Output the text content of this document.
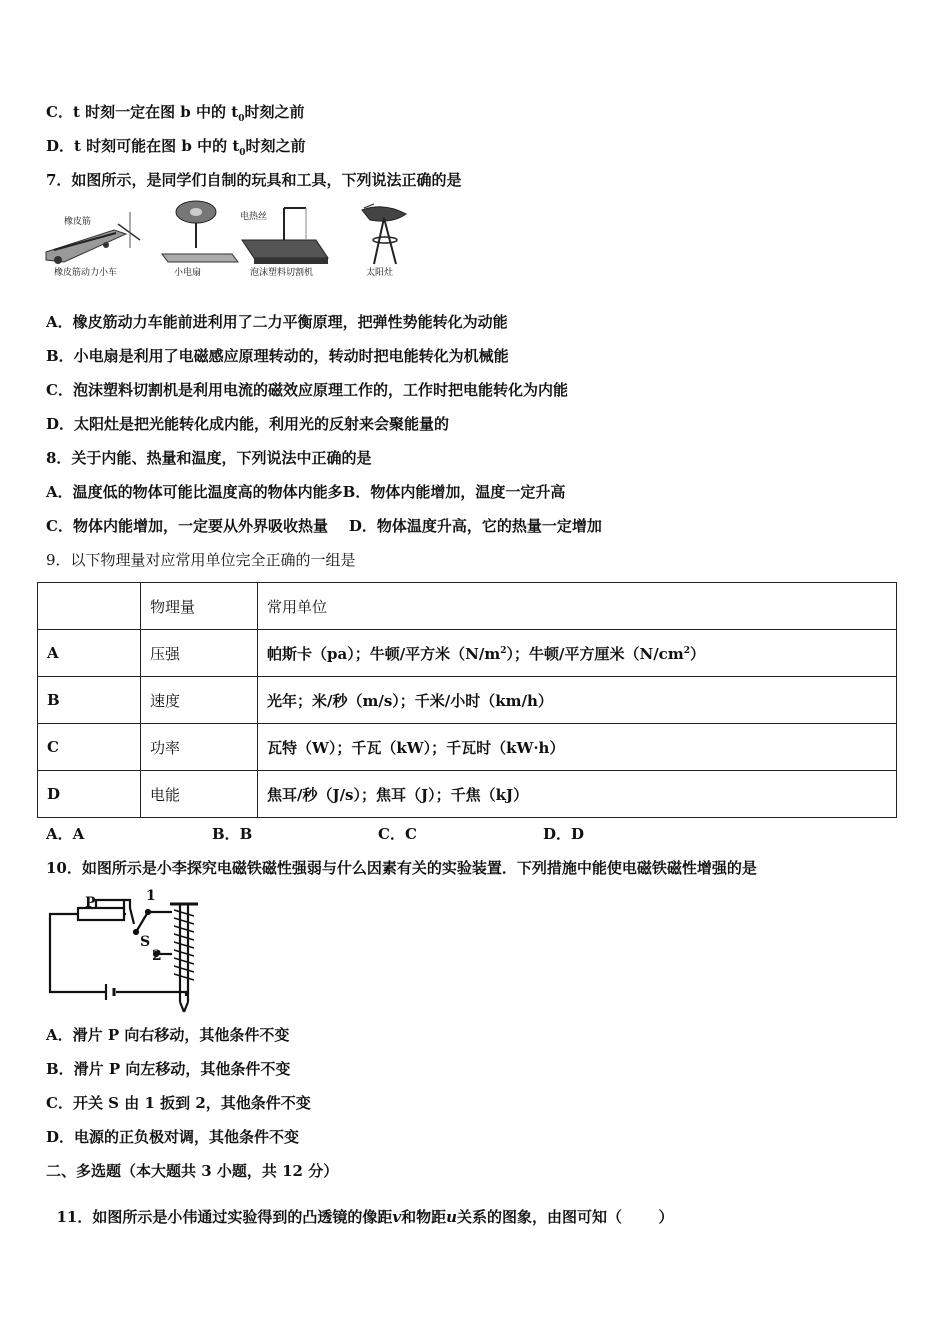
C．t 时刻一定在图 b 中的 $t_0$时刻之前
D．t 时刻可能在图 b 中的 $t_0$时刻之前
7．如图所示，是同学们自制的玩具和工具，下列说法正确的是
橡皮筋	电热丝
橡皮筋动力小车	小电扇	泡沫塑料切割机	太阳灶
A．橡皮筋动力车能前进利用了二力平衡原理，把弹性势能转化为动能
B．小电扇是利用了电磁感应原理转动的，转动时把电能转化为机械能
C．泡沫塑料切割机是利用电流的磁效应原理工作的，工作时把电能转化为内能
D．太阳灶是把光能转化成内能，利用光的反射来会聚能量的
8．关于内能、热量和温度，下列说法中正确的是
A．温度低的物体可能比温度高的物体内能多B．物体内能增加，温度一定升高
C．物体内能增加，一定要从外界吸收热量    D．物体温度升高，它的热量一定增加
9．以下物理量对应常用单位完全正确的一组是
	物理量	常用单位
A	压强	帕斯卡（pa）；牛顿/平方米$(N/m^2)$；牛顿/平方厘米$(N/cm^2)$
B	速度	光年；米/秒（m/s）；千米/小时（km/h）
C	功率	瓦特（W）；千瓦（kW）；千瓦时（kW·h）
D	电能	焦耳/秒（J/s）；焦耳（J）；千焦（kJ）
A．A	B．B	C．C	D．D
10．如图所示是小李探究电磁铁磁性强弱与什么因素有关的实验装置．下列措施中能使电磁铁磁性增强的是
P	1
S
2
A．滑片 P 向右移动，其他条件不变
B．滑片 P 向左移动，其他条件不变
C．开关 S 由 1 扳到 2，其他条件不变
D．电源的正负极对调，其他条件不变
二、多选题（本大题共 3 小题，共 12 分）

11．如图所示是小伟通过实验得到的凸透镜的像距v和物距u关系的图象，由图可知（       ）
